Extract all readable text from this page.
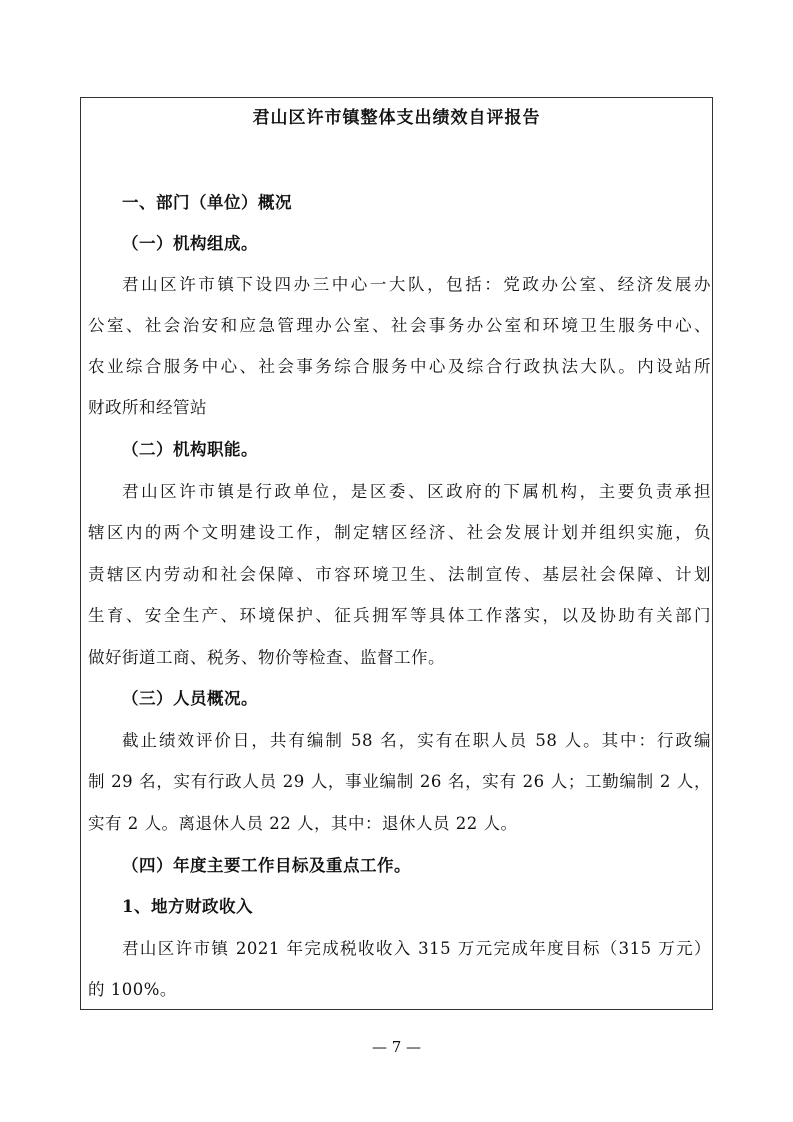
君山区许市镇整体支出绩效自评报告
一、部门（单位）概况
（一）机构组成。
君山区许市镇下设四办三中心一大队，包括：党政办公室、经济发展办
公室、社会治安和应急管理办公室、社会事务办公室和环境卫生服务中心、
农业综合服务中心、社会事务综合服务中心及综合行政执法大队。内设站所
财政所和经管站
（二）机构职能。
君山区许市镇是行政单位，是区委、区政府的下属机构，主要负责承担
辖区内的两个文明建设工作，制定辖区经济、社会发展计划并组织实施，负
责辖区内劳动和社会保障、市容环境卫生、法制宣传、基层社会保障、计划
生育、安全生产、环境保护、征兵拥军等具体工作落实，以及协助有关部门
做好街道工商、税务、物价等检查、监督工作。
（三）人员概况。
截止绩效评价日，共有编制 58 名，实有在职人员 58 人。其中：行政编
制 29 名，实有行政人员 29 人，事业编制 26 名，实有 26 人；工勤编制 2 人，
实有 2 人。离退休人员 22 人，其中：退休人员 22 人。
（四）年度主要工作目标及重点工作。
1、地方财政收入
君山区许市镇 2021 年完成税收收入 315 万元完成年度目标（315 万元）
的 100%。
— 7 —
